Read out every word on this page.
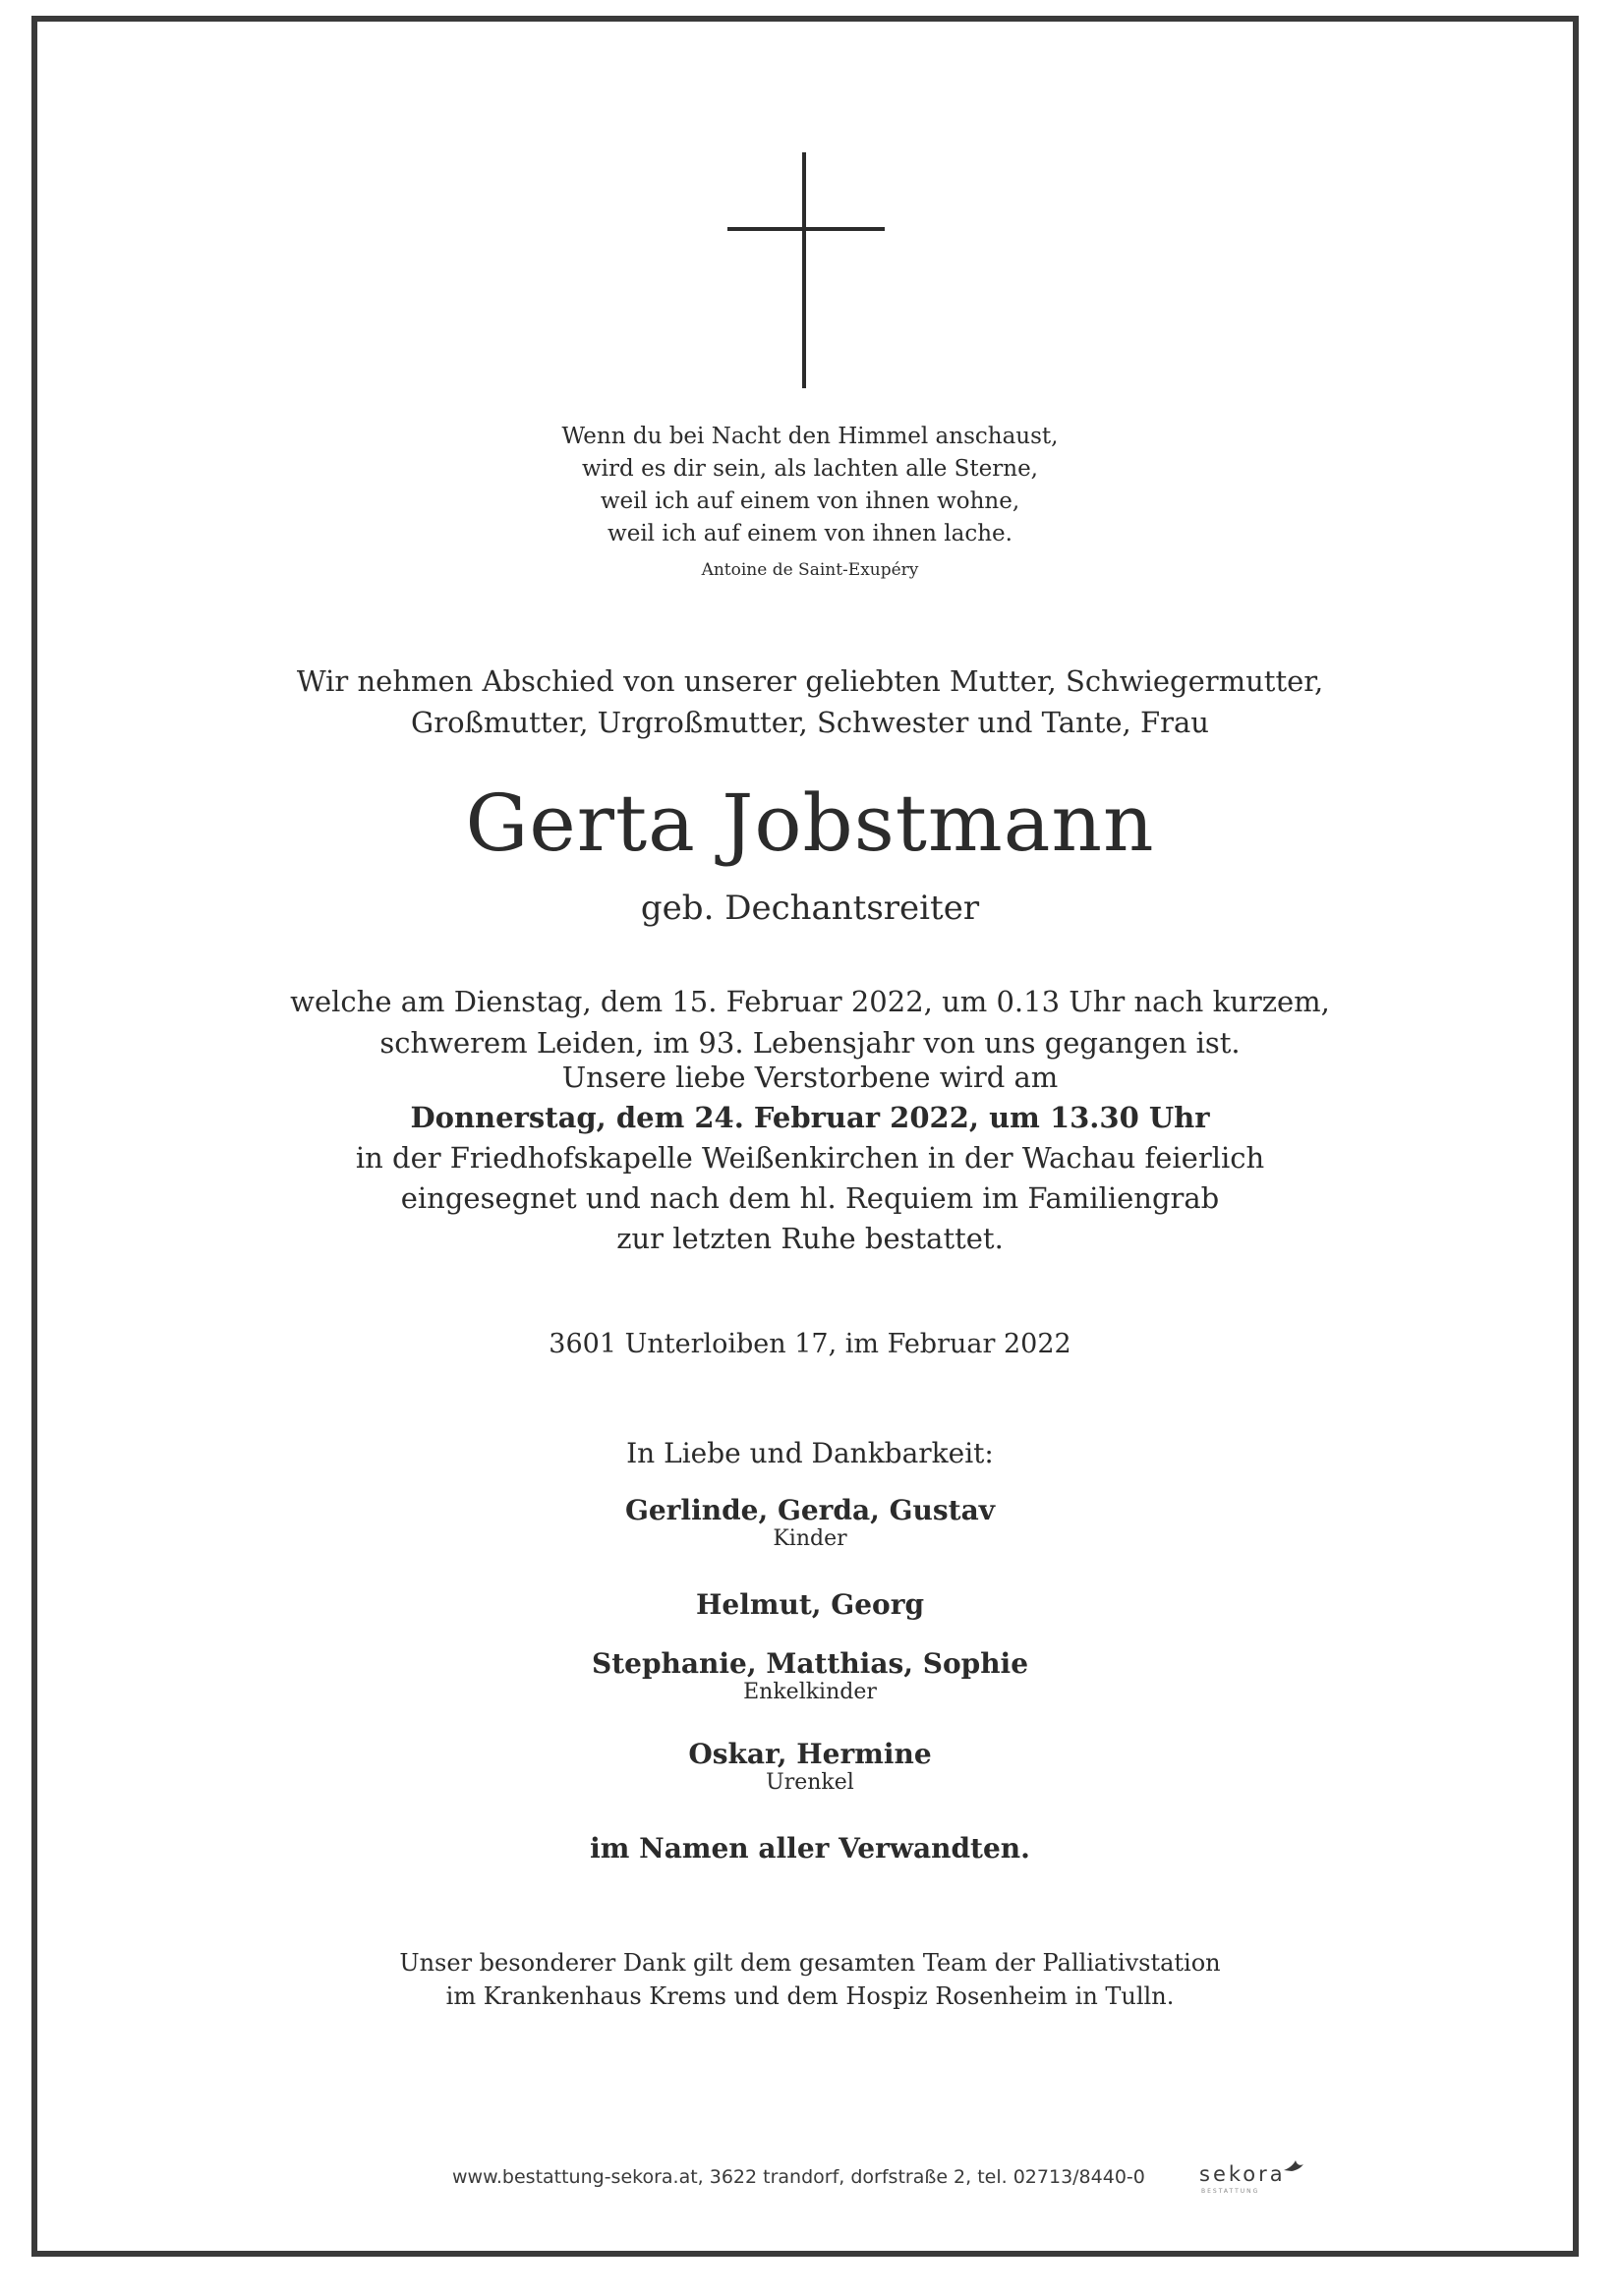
Wenn du bei Nacht den Himmel anschaust,
wird es dir sein, als lachten alle Sterne,
weil ich auf einem von ihnen wohne,
weil ich auf einem von ihnen lache.
Antoine de Saint-Exupéry
Wir nehmen Abschied von unserer geliebten Mutter, Schwiegermutter,
Großmutter, Urgroßmutter, Schwester und Tante, Frau
Gerta Jobstmann
geb. Dechantsreiter
welche am Dienstag, dem 15. Februar 2022, um 0.13 Uhr nach kurzem,
schwerem Leiden, im 93. Lebensjahr von uns gegangen ist.
Unsere liebe Verstorbene wird am
Donnerstag, dem 24. Februar 2022, um 13.30 Uhr
in der Friedhofskapelle Weißenkirchen in der Wachau feierlich
eingesegnet und nach dem hl. Requiem im Familiengrab
zur letzten Ruhe bestattet.
3601 Unterloiben 17, im Februar 2022
In Liebe und Dankbarkeit:
Gerlinde, Gerda, Gustav
Kinder
Helmut, Georg
Stephanie, Matthias, Sophie
Enkelkinder
Oskar, Hermine
Urenkel
im Namen aller Verwandten.
Unser besonderer Dank gilt dem gesamten Team der Palliativstation
im Krankenhaus Krems und dem Hospiz Rosenheim in Tulln.
www.bestattung-sekora.at, 3622 trandorf, dorfstraße 2, tel. 02713/8440-0	sekora
BESTATTUNG
